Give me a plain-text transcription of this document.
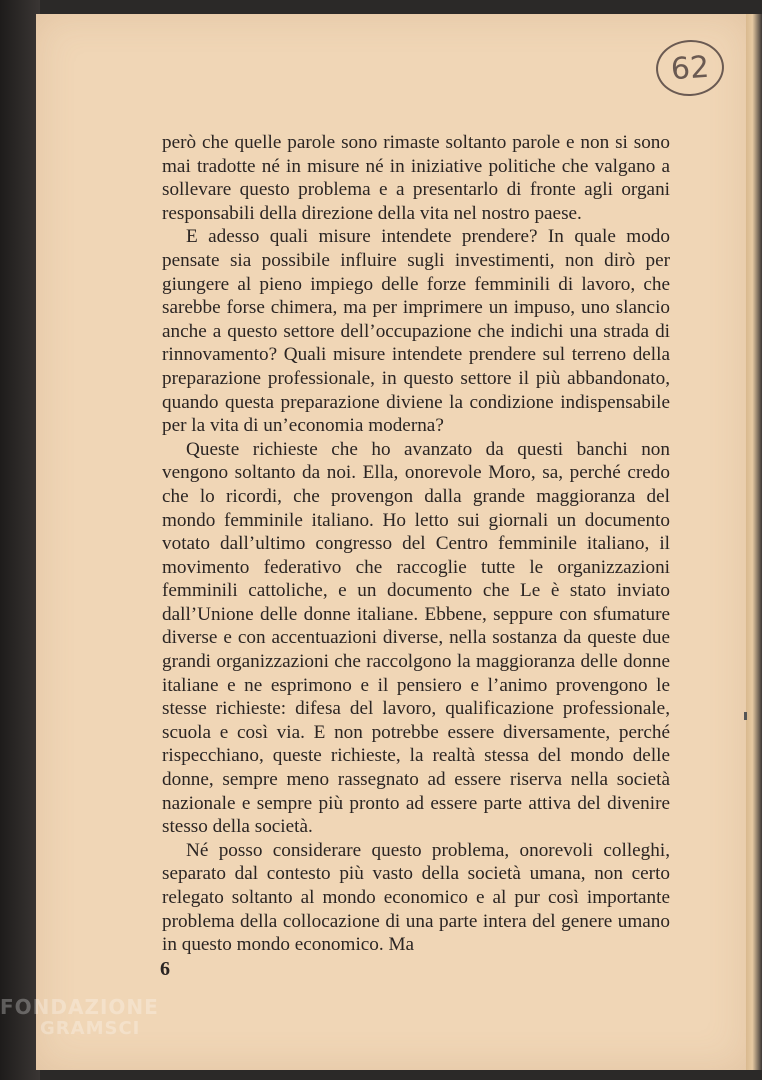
62

però che quelle parole sono rimaste soltanto parole e non si sono mai tradotte né in misure né in iniziative politiche che valgano a sollevare questo problema e a presentarlo di fronte agli organi responsabili della direzione della vita nel nostro paese.

E adesso quali misure intendete prendere? In quale modo pensate sia possibile influire sugli investimenti, non dirò per giungere al pieno impiego delle forze femminili di lavoro, che sarebbe forse chimera, ma per imprimere un impuso, uno slancio anche a questo settore dell’occupazione che indichi una strada di rinnovamento? Quali misure intendete prendere sul terreno della preparazione professionale, in questo settore il più abbandonato, quando questa preparazione diviene la condizione indispensabile per la vita di un’economia moderna?

Queste richieste che ho avanzato da questi banchi non vengono soltanto da noi. Ella, onorevole Moro, sa, perché credo che lo ricordi, che provengon dalla grande maggioranza del mondo femminile italiano. Ho letto sui giornali un documento votato dall’ultimo congresso del Centro femminile italiano, il movimento federativo che raccoglie tutte le organizzazioni femminili cattoliche, e un documento che Le è stato inviato dall’Unione delle donne italiane. Ebbene, seppure con sfumature diverse e con accentuazioni diverse, nella sostanza da queste due grandi organizzazioni che raccolgono la maggioranza delle donne italiane e ne esprimono e il pensiero e l’animo provengono le stesse richieste: difesa del lavoro, qualificazione professionale, scuola e così via. E non potrebbe essere diversamente, perché rispecchiano, queste richieste, la realtà stessa del mondo delle donne, sempre meno rassegnato ad essere riserva nella società nazionale e sempre più pronto ad essere parte attiva del divenire stesso della società.

Né posso considerare questo problema, onorevoli colleghi, separato dal contesto più vasto della società umana, non certo relegato soltanto al mondo economico e al pur così importante problema della collocazione di una parte intera del genere umano in questo mondo economico. Ma

6
FONDAZIONE
GRAMSCI
